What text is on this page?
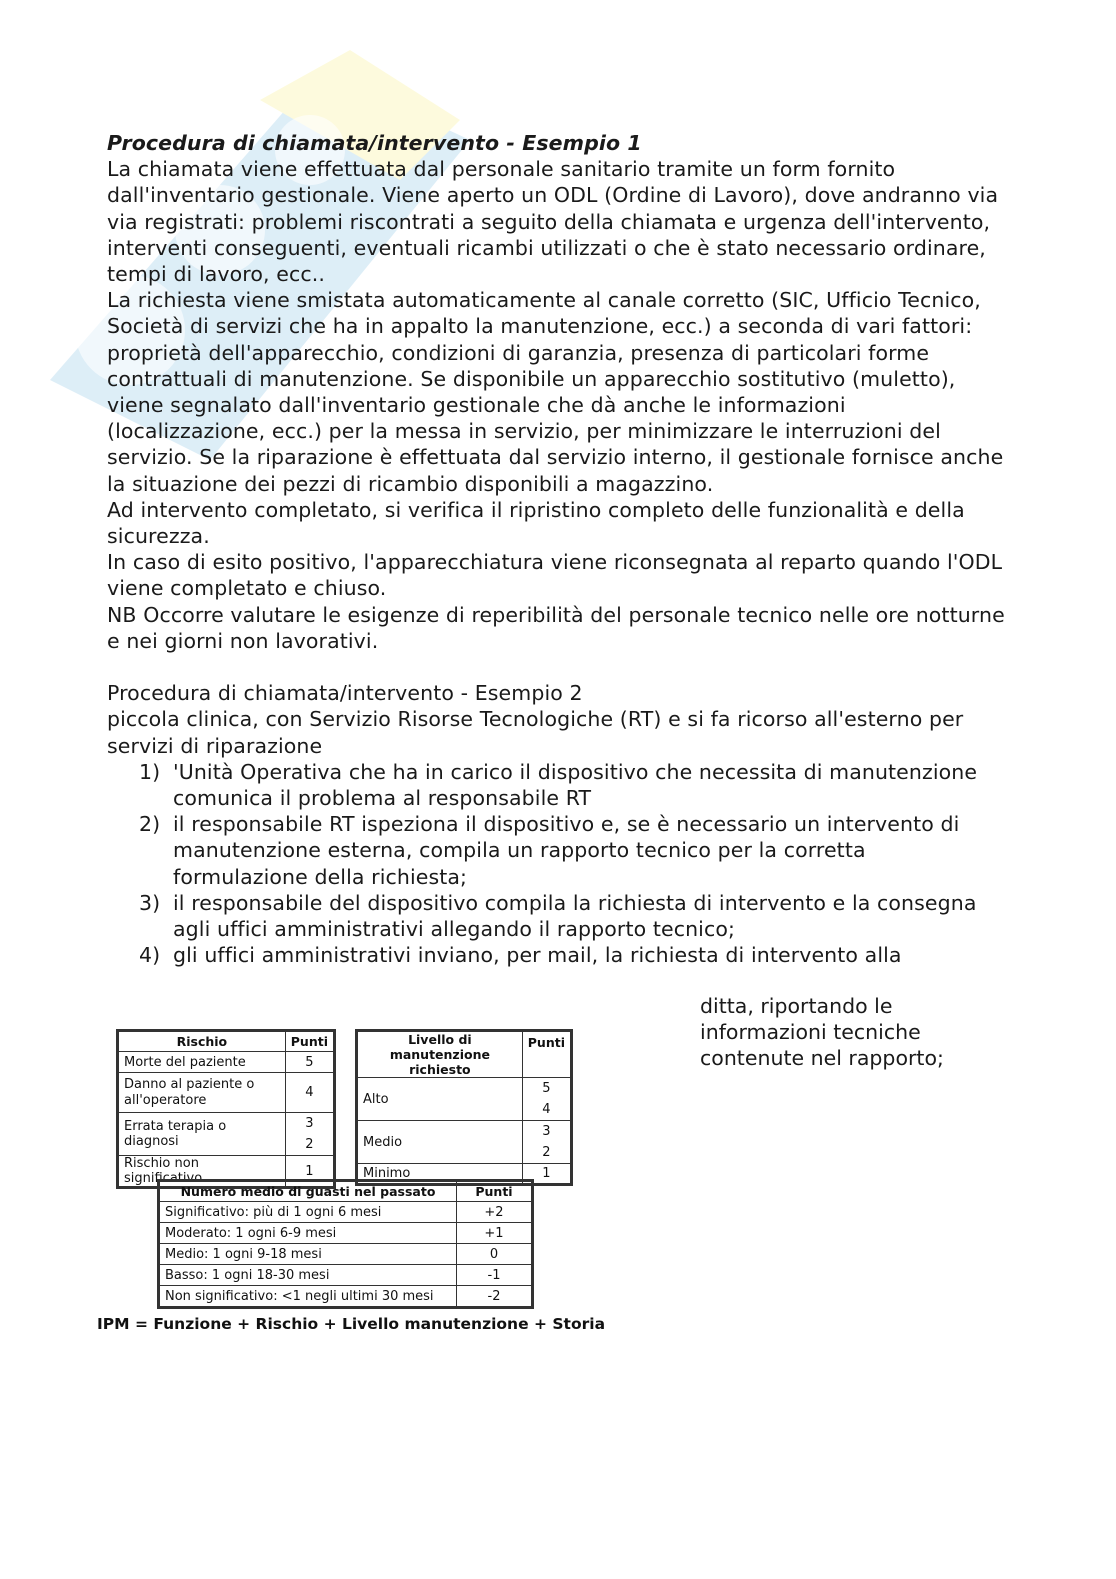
Procedura di chiamata/intervento - Esempio 1

La chiamata viene effettuata dal personale sanitario tramite un form fornito dall'inventario gestionale. Viene aperto un ODL (Ordine di Lavoro), dove andranno via via registrati: problemi riscontrati a seguito della chiamata e urgenza dell'intervento, interventi conseguenti, eventuali ricambi utilizzati o che è stato necessario ordinare, tempi di lavoro, ecc..

La richiesta viene smistata automaticamente al canale corretto (SIC, Ufficio Tecnico, Società di servizi che ha in appalto la manutenzione, ecc.) a seconda di vari fattori: proprietà dell'apparecchio, condizioni di garanzia, presenza di particolari forme contrattuali di manutenzione. Se disponibile un apparecchio sostitutivo (muletto), viene segnalato dall'inventario gestionale che dà anche le informazioni (localizzazione, ecc.) per la messa in servizio, per minimizzare le interruzioni del servizio. Se la riparazione è effettuata dal servizio interno, il gestionale fornisce anche la situazione dei pezzi di ricambio disponibili a magazzino.

Ad intervento completato, si verifica il ripristino completo delle funzionalità e della sicurezza.

In caso di esito positivo, l'apparecchiatura viene riconsegnata al reparto quando l'ODL viene completato e chiuso.

NB Occorre valutare le esigenze di reperibilità del personale tecnico nelle ore notturne e nei giorni non lavorativi.

Procedura di chiamata/intervento - Esempio 2

piccola clinica, con Servizio Risorse Tecnologiche (RT) e si fa ricorso all'esterno per servizi di riparazione

1) 'Unità Operativa che ha in carico il dispositivo che necessita di manutenzione comunica il problema al responsabile RT
2) il responsabile RT ispeziona il dispositivo e, se è necessario un intervento di manutenzione esterna, compila un rapporto tecnico per la corretta formulazione della richiesta;
3) il responsabile del dispositivo compila la richiesta di intervento e la consegna agli uffici amministrativi allegando il rapporto tecnico;
4) gli uffici amministrativi inviano, per mail, la richiesta di intervento alla
ditta, riportando le
informazioni tecniche
contenute nel rapporto;
Rischio	Punti
Morte del paziente	5
Danno al paziente o all'operatore	4
Errata terapia o diagnosi	3
2

Rischio non significativo	1
Livello di manutenzione richiesto	Punti
Alto	5
4

Medio	3
2

Minimo	1
Numero medio di guasti nel passato	Punti
Significativo: più di 1 ogni 6 mesi	+2
Moderato: 1 ogni 6-9 mesi	+1
Medio: 1 ogni 9-18 mesi	0
Basso: 1 ogni 18-30 mesi	-1
Non significativo: <1 negli ultimi 30 mesi	-2
IPM = Funzione + Rischio + Livello manutenzione + Storia
